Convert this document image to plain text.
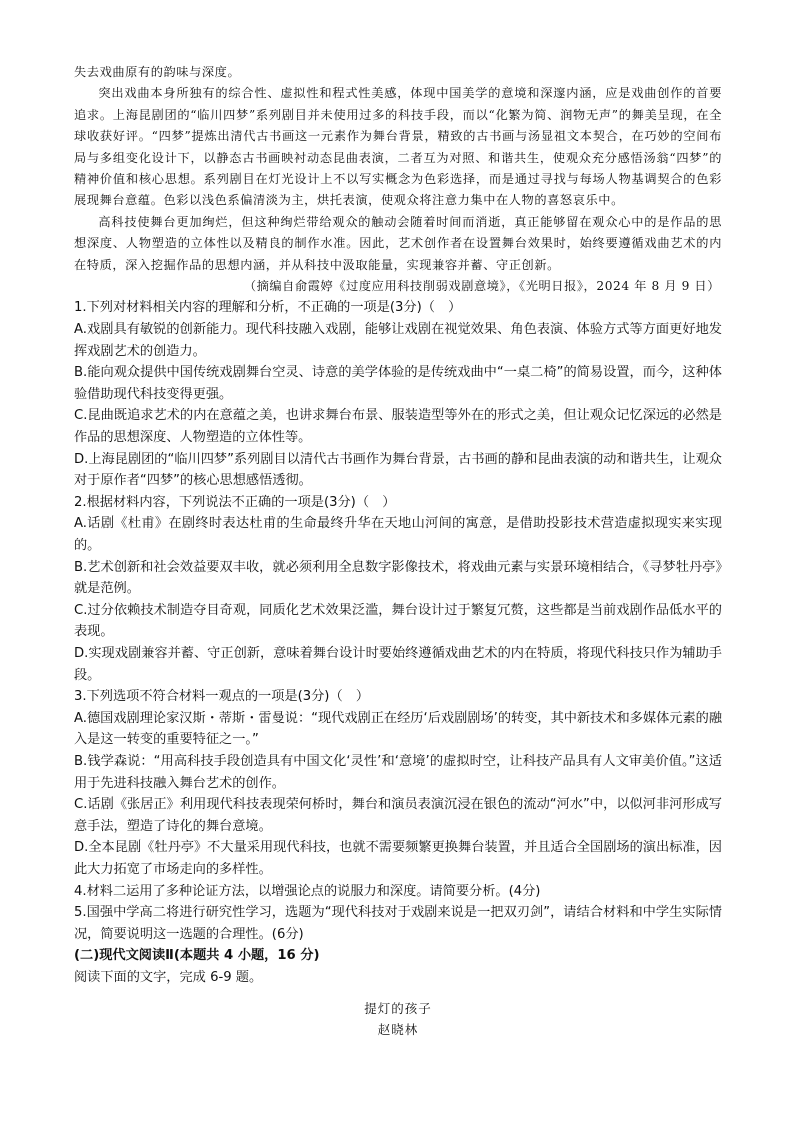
失去戏曲原有的韵味与深度。

突出戏曲本身所独有的综合性、虚拟性和程式性美感，体现中国美学的意境和深邃内涵，应是戏曲创作的首要追求。上海昆剧团的“临川四梦”系列剧目并未使用过多的科技手段，而以“化繁为简、润物无声”的舞美呈现，在全球收获好评。“四梦”提炼出清代古书画这一元素作为舞台背景，精致的古书画与汤显祖文本契合，在巧妙的空间布局与多组变化设计下，以静态古书画映衬动态昆曲表演，二者互为对照、和谐共生，使观众充分感悟汤翁“四梦”的精神价值和核心思想。系列剧目在灯光设计上不以写实概念为色彩选择，而是通过寻找与每场人物基调契合的色彩展现舞台意蕴。色彩以浅色系偏清淡为主，烘托表演，使观众将注意力集中在人物的喜怒哀乐中。

高科技使舞台更加绚烂，但这种绚烂带给观众的触动会随着时间而消逝，真正能够留在观众心中的是作品的思想深度、人物塑造的立体性以及精良的制作水准。因此，艺术创作者在设置舞台效果时，始终要遵循戏曲艺术的内在特质，深入挖掘作品的思想内涵，并从科技中汲取能量，实现兼容并蓄、守正创新。

（摘编自俞霞婷《过度应用科技削弱戏剧意境》，《光明日报》，2024 年 8 月 9 日）

1.下列对材料相关内容的理解和分析，不正确的一项是(3分)（　）

A.戏剧具有敏锐的创新能力。现代科技融入戏剧，能够让戏剧在视觉效果、角色表演、体验方式等方面更好地发挥戏剧艺术的创造力。

B.能向观众提供中国传统戏剧舞台空灵、诗意的美学体验的是传统戏曲中“一桌二椅”的简易设置，而今，这种体验借助现代科技变得更强。

C.昆曲既追求艺术的内在意蕴之美，也讲求舞台布景、服装造型等外在的形式之美，但让观众记忆深远的必然是作品的思想深度、人物塑造的立体性等。

D.上海昆剧团的“临川四梦”系列剧目以清代古书画作为舞台背景，古书画的静和昆曲表演的动和谐共生，让观众对于原作者“四梦”的核心思想感悟透彻。

2.根据材料内容，下列说法不正确的一项是(3分)（　）

A.话剧《杜甫》在剧终时表达杜甫的生命最终升华在天地山河间的寓意，是借助投影技术营造虚拟现实来实现的。

B.艺术创新和社会效益要双丰收，就必须利用全息数字影像技术，将戏曲元素与实景环境相结合，《寻梦牡丹亭》就是范例。

C.过分依赖技术制造夺目奇观，同质化艺术效果泛滥，舞台设计过于繁复冗赘，这些都是当前戏剧作品低水平的表现。

D.实现戏剧兼容并蓄、守正创新，意味着舞台设计时要始终遵循戏曲艺术的内在特质，将现代科技只作为辅助手段。

3.下列选项不符合材料一观点的一项是(3分)（　）

A.德国戏剧理论家汉斯・蒂斯・雷曼说：“现代戏剧正在经历‘后戏剧剧场’的转变，其中新技术和多媒体元素的融入是这一转变的重要特征之一。”

B.钱学森说：“用高科技手段创造具有中国文化‘灵性’和‘意境’的虚拟时空，让科技产品具有人文审美价值。”这适用于先进科技融入舞台艺术的创作。

C.话剧《张居正》利用现代科技表现荣何桥时，舞台和演员表演沉浸在银色的流动“河水”中，以似河非河形成写意手法，塑造了诗化的舞台意境。

D.全本昆剧《牡丹亭》不大量采用现代科技，也就不需要频繁更换舞台装置，并且适合全国剧场的演出标准，因此大力拓宽了市场走向的多样性。

4.材料二运用了多种论证方法，以增强论点的说服力和深度。请简要分析。(4分)

5.国强中学高二将进行研究性学习，选题为“现代科技对于戏剧来说是一把双刃剑”，请结合材料和中学生实际情况，简要说明这一选题的合理性。(6分)

(二)现代文阅读Ⅱ(本题共 4 小题，16 分)

阅读下面的文字，完成 6-9 题。

提灯的孩子
赵晓林
